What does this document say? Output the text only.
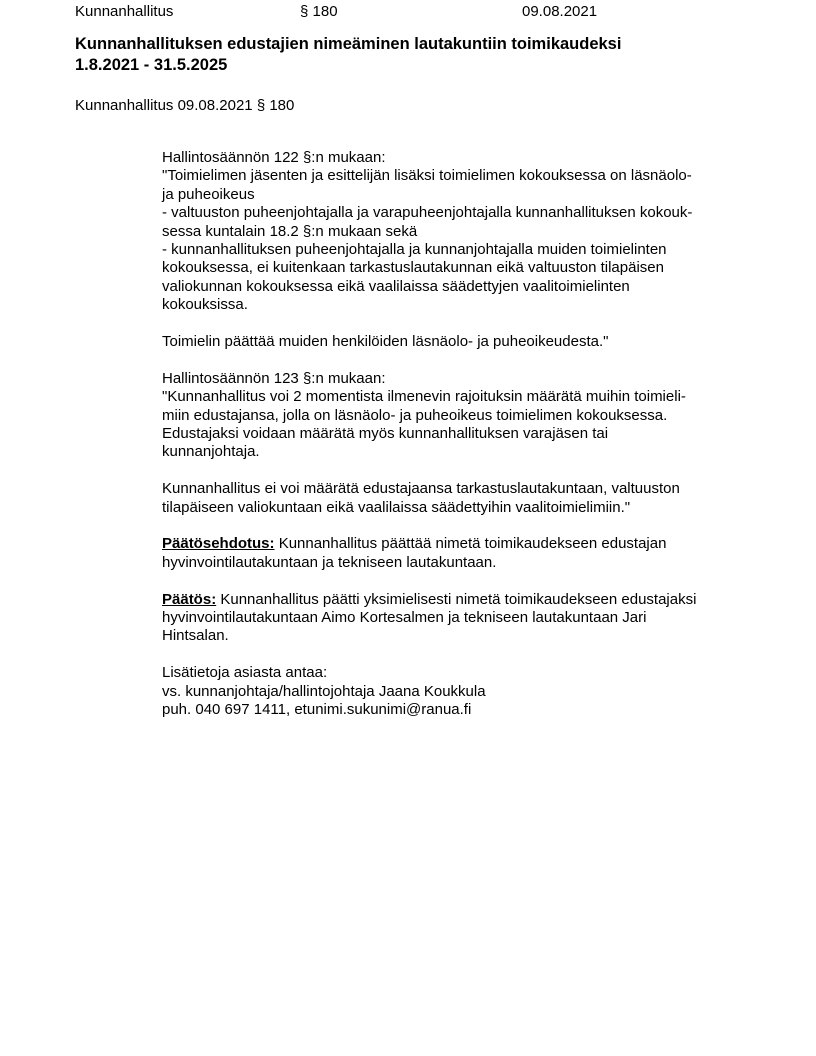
Kunnanhallitus	§ 180	09.08.2021
Kunnanhallituksen edustajien nimeäminen lautakuntiin toimikaudeksi
1.8.2021 - 31.5.2025
Kunnanhallitus 09.08.2021 § 180

Hallintosäännön 122 §:n mukaan:
"Toimielimen jäsenten ja esittelijän lisäksi toimielimen kokouksessa on läsnäolo-
ja puheoikeus
- valtuuston puheenjohtajalla ja varapuheenjohtajalla kunnanhallituksen kokouk-
sessa kuntalain 18.2 §:n mukaan sekä
- kunnanhallituksen puheenjohtajalla ja kunnanjohtajalla muiden toimielinten
kokouksessa, ei kuitenkaan tarkastuslautakunnan eikä valtuuston tilapäisen
valiokunnan kokouksessa eikä vaalilaissa säädettyjen vaalitoimielinten
kokouksissa.

Toimielin päättää muiden henkilöiden läsnäolo- ja puheoikeudesta."

Hallintosäännön 123 §:n mukaan:
"Kunnanhallitus voi 2 momentista ilmenevin rajoituksin määrätä muihin toimieli-
miin edustajansa, jolla on läsnäolo- ja puheoikeus toimielimen kokouksessa.
Edustajaksi voidaan määrätä myös kunnanhallituksen varajäsen tai
kunnanjohtaja.

Kunnanhallitus ei voi määrätä edustajaansa tarkastuslautakuntaan, valtuuston
tilapäiseen valiokuntaan eikä vaalilaissa säädettyihin vaalitoimielimiin."

Päätösehdotus: Kunnanhallitus päättää nimetä toimikaudekseen edustajan
hyvinvointilautakuntaan ja tekniseen lautakuntaan.

Päätös: Kunnanhallitus päätti yksimielisesti nimetä toimikaudekseen edustajaksi
hyvinvointilautakuntaan Aimo Kortesalmen ja tekniseen lautakuntaan Jari
Hintsalan.

Lisätietoja asiasta antaa:
vs. kunnanjohtaja/hallintojohtaja Jaana Koukkula
puh. 040 697 1411, etunimi.sukunimi@ranua.fi
